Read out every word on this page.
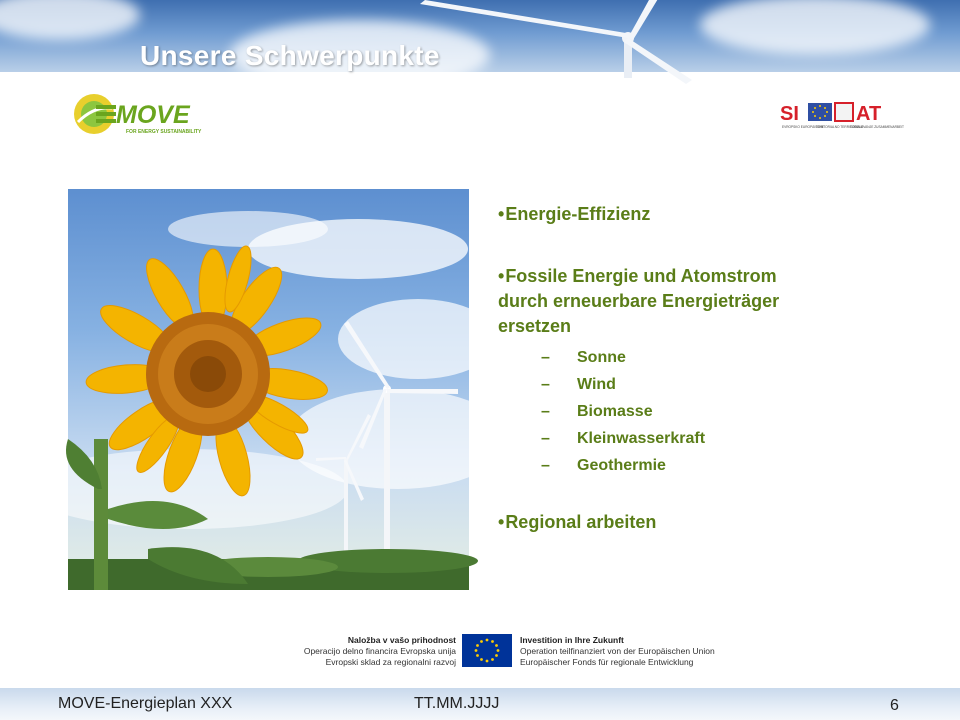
Unsere Schwerpunkte
MOVE
FOR ENERGY SUSTAINABILITY
SI	AT
EVROPSKO EUROPÄISCHE
TERITORIALNO TERRITORIALE
SODELOVANJE ZUSAMMENARBEIT

•Energie-Effizienz

•Fossile Energie und Atomstrom

durch erneuerbare Energieträger

ersetzen

– Sonne
– Wind
– Biomasse
– Kleinwasserkraft
– Geothermie

•Regional arbeiten

Naložba v vašo prihodnost
Operacijo delno financira Evropska unija
Evropski sklad za regionalni razvoj
Investition in Ihre Zukunft
Operation teilfinanziert von der Europäischen Union
Europäischer Fonds für regionale Entwicklung
MOVE-Energieplan XXX	TT.MM.JJJJ	6
